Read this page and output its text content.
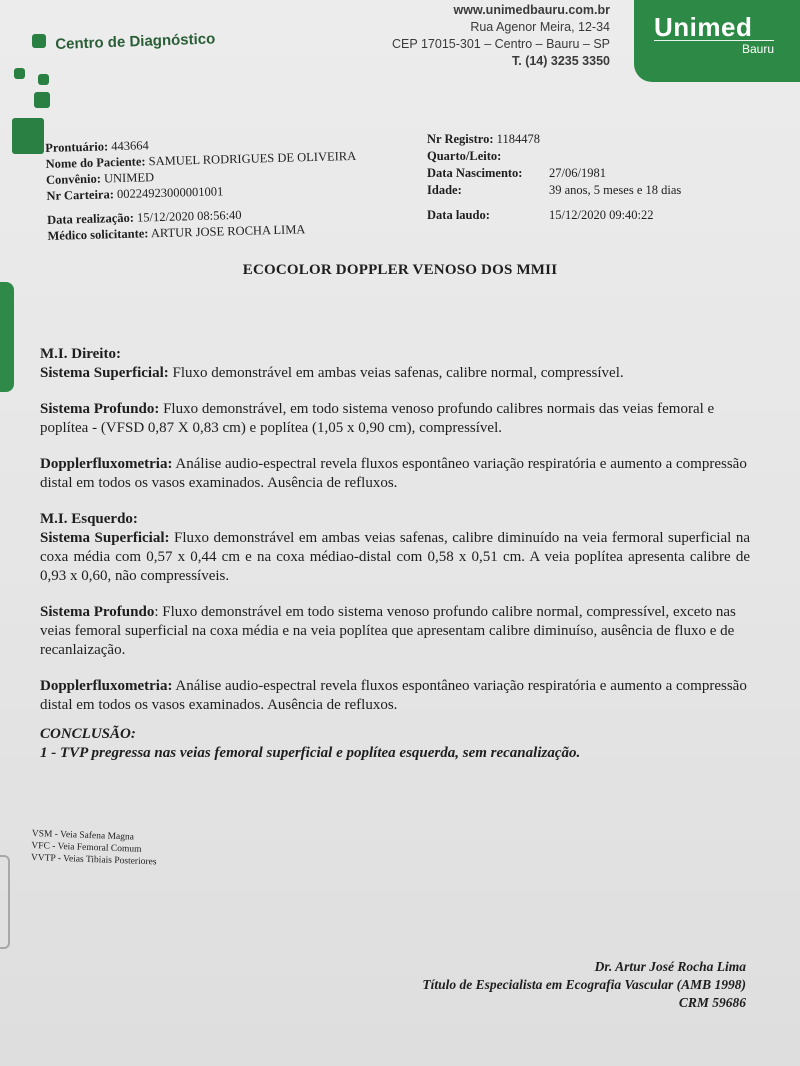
Centro de Diagnóstico
www.unimedbauru.com.br
Rua Agenor Meira, 12-34
CEP 17015-301 – Centro – Bauru – SP
T. (14) 3235 3350
Unimed
Bauru
Prontuário: 443664
Nome do Paciente: SAMUEL RODRIGUES DE OLIVEIRA
Convênio: UNIMED
Nr Carteira: 00224923000001001
Data realização: 15/12/2020 08:56:40
Médico solicitante: ARTUR JOSE ROCHA LIMA
Nr Registro: 1184478	
Quarto/Leito:	
Data Nascimento:	27/06/1981
Idade:	39 anos, 5 meses e 18 dias
Data laudo:	15/12/2020 09:40:22
ECOCOLOR DOPPLER VENOSO DOS MMII

M.I. Direito:

Sistema Superficial: Fluxo demonstrável em ambas veias safenas, calibre normal, compressível.

Sistema Profundo: Fluxo demonstrável, em todo sistema venoso profundo calibres normais das veias femoral e poplítea - (VFSD 0,87 X 0,83 cm) e poplítea (1,05 x 0,90 cm), compressível.

Dopplerfluxometria: Análise audio-espectral revela fluxos espontâneo variação respiratória e aumento a compressão distal em todos os vasos examinados. Ausência de refluxos.

M.I. Esquerdo:

Sistema Superficial: Fluxo demonstrável em ambas veias safenas, calibre diminuído na veia fermoral superficial na coxa média com 0,57 x 0,44 cm e na coxa médiao-distal com 0,58 x 0,51 cm. A veia poplítea apresenta calibre de 0,93 x 0,60, não compressíveis.

Sistema Profundo: Fluxo demonstrável em todo sistema venoso profundo calibre normal, compressível, exceto nas veias femoral superficial na coxa média e na veia poplítea que apresentam calibre diminuíso, ausência de fluxo e de recanlaização.

Dopplerfluxometria: Análise audio-espectral revela fluxos espontâneo variação respiratória e aumento a compressão distal em todos os vasos examinados. Ausência de refluxos.

CONCLUSÃO:

1 - TVP pregressa nas veias femoral superficial e poplítea esquerda, sem recanalização.

VSM - Veia Safena Magna
VFC - Veia Femoral Comum
VVTP - Veias Tibiais Posteriores
Dr. Artur José Rocha Lima
Título de Especialista em Ecografia Vascular (AMB 1998)
CRM 59686
